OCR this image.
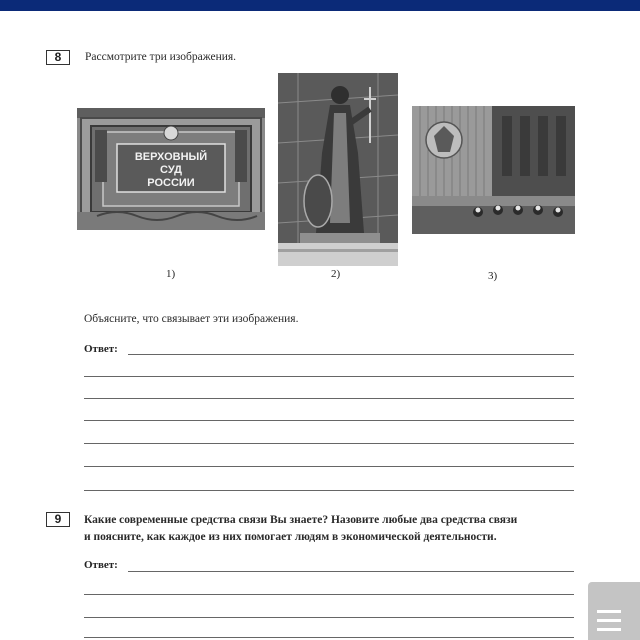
8	Рассмотрите три изображения.
ВЕРХОВНЫЙ
СУД
РОССИИ
1)	2)	3)
Объясните, что связывает эти изображения.
Ответ:
9	Какие современные средства связи Вы знаете? Назовите любые два средства связи
и поясните, как каждое из них помогает людям в экономической деятельности.
Ответ:
